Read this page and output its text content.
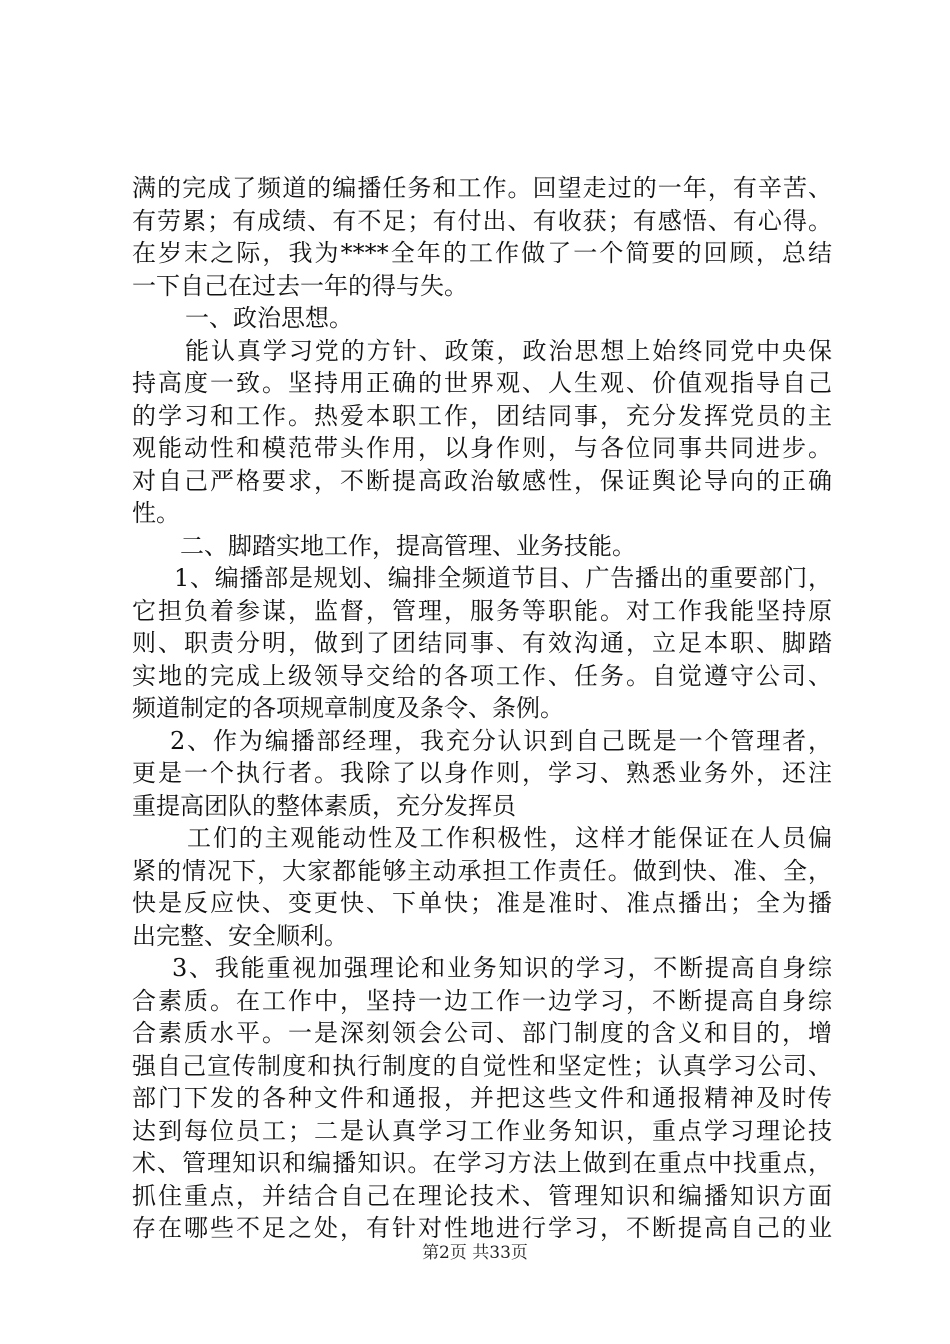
满的完成了频道的编播任务和工作。回望走过的一年，有辛苦、
有劳累；有成绩、有不足；有付出、有收获；有感悟、有心得。
在岁末之际，我为****全年的工作做了一个简要的回顾，总结
一下自己在过去一年的得与失。
一、政治思想。
能认真学习党的方针、政策，政治思想上始终同党中央保
持高度一致。坚持用正确的世界观、人生观、价值观指导自己
的学习和工作。热爱本职工作，团结同事，充分发挥党员的主
观能动性和模范带头作用，以身作则，与各位同事共同进步。
对自己严格要求，不断提高政治敏感性，保证舆论导向的正确
性。
二、脚踏实地工作，提高管理、业务技能。
1、编播部是规划、编排全频道节目、广告播出的重要部门，
它担负着参谋，监督，管理，服务等职能。对工作我能坚持原
则、职责分明，做到了团结同事、有效沟通，立足本职、脚踏
实地的完成上级领导交给的各项工作、任务。自觉遵守公司、
频道制定的各项规章制度及条令、条例。
2、作为编播部经理，我充分认识到自己既是一个管理者，
更是一个执行者。我除了以身作则，学习、熟悉业务外，还注
重提高团队的整体素质，充分发挥员
工们的主观能动性及工作积极性，这样才能保证在人员偏
紧的情况下，大家都能够主动承担工作责任。做到快、准、全，
快是反应快、变更快、下单快；准是准时、准点播出；全为播
出完整、安全顺利。
3、我能重视加强理论和业务知识的学习，不断提高自身综
合素质。在工作中，坚持一边工作一边学习，不断提高自身综
合素质水平。一是深刻领会公司、部门制度的含义和目的，增
强自己宣传制度和执行制度的自觉性和坚定性；认真学习公司、
部门下发的各种文件和通报，并把这些文件和通报精神及时传
达到每位员工；二是认真学习工作业务知识，重点学习理论技
术、管理知识和编播知识。在学习方法上做到在重点中找重点，
抓住重点，并结合自己在理论技术、管理知识和编播知识方面
存在哪些不足之处，有针对性地进行学习，不断提高自己的业
第2页 共33页
